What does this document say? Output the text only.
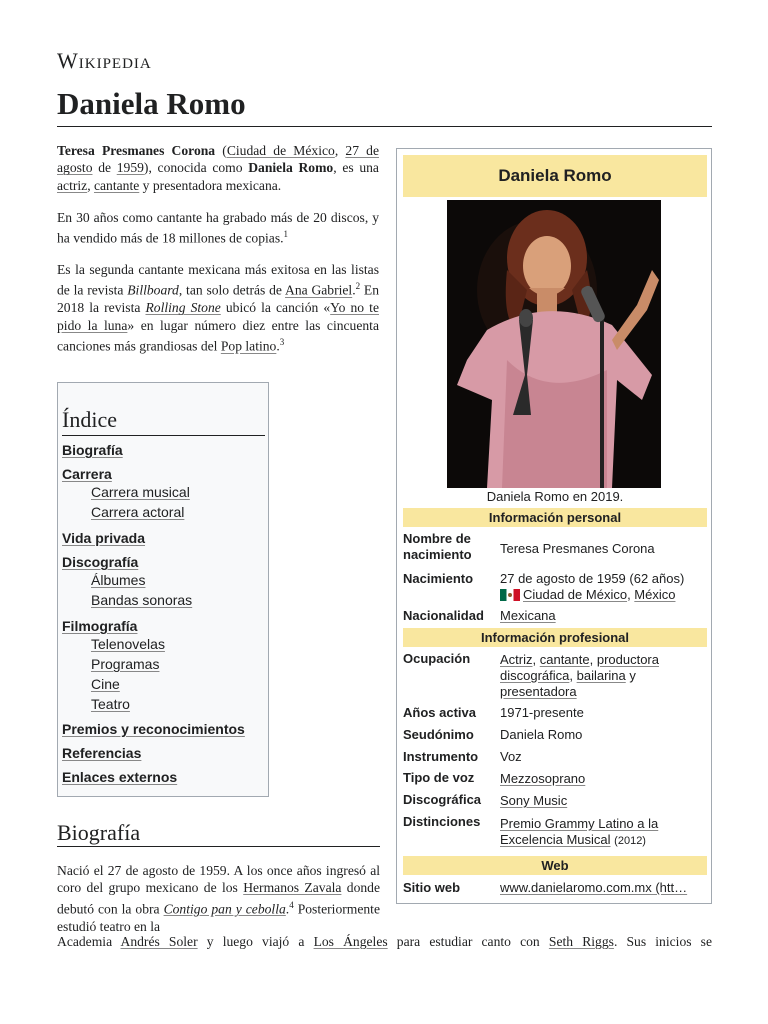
Wikipedia
Daniela Romo

Teresa Presmanes Corona (Ciudad de México, 27 de agosto de 1959), conocida como Daniela Romo, es una actriz, cantante y presentadora mexicana.

En 30 años como cantante ha grabado más de 20 discos, y ha vendido más de 18 millones de copias.$^1$

Es la segunda cantante mexicana más exitosa en las listas de la revista Billboard, tan solo detrás de Ana Gabriel.$^2$ En 2018 la revista Rolling Stone ubicó la canción «Yo no te pido la luna» en lugar número diez entre las cincuenta canciones más grandiosas del Pop latino.$^3$

Índice
Biografía
Carrera
Carrera musical
Carrera actoral
Vida privada
Discografía
Álbumes
Bandas sonoras
Filmografía
Telenovelas
Programas
Cine
Teatro
Premios y reconocimientos
Referencias
Enlaces externos
Biografía

Nació el 27 de agosto de 1959. A los once años ingresó al coro del grupo mexicano de los Hermanos Zavala donde debutó con la obra Contigo pan y cebolla.$^4$ Posteriormente estudió teatro en la

Academia Andrés Soler y luego viajó a Los Ángeles para estudiar canto con Seth Riggs. Sus inicios se

Daniela Romo
Daniela Romo en 2019.
Información personal
Nombre de nacimiento	Teresa Presmanes Corona
Nacimiento	27 de agosto de 1959 (62 años)
Ciudad de México, México
Nacionalidad	Mexicana
Información profesional
Ocupación	Actriz, cantante, productora discográfica, bailarina y presentadora
Años activa	1971-presente
Seudónimo	Daniela Romo
Instrumento	Voz
Tipo de voz	Mezzosoprano
Discográfica	Sony Music
Distinciones	Premio Grammy Latino a la Excelencia Musical (2012)
Web
Sitio web	www.danielaromo.com.mx (htt…
